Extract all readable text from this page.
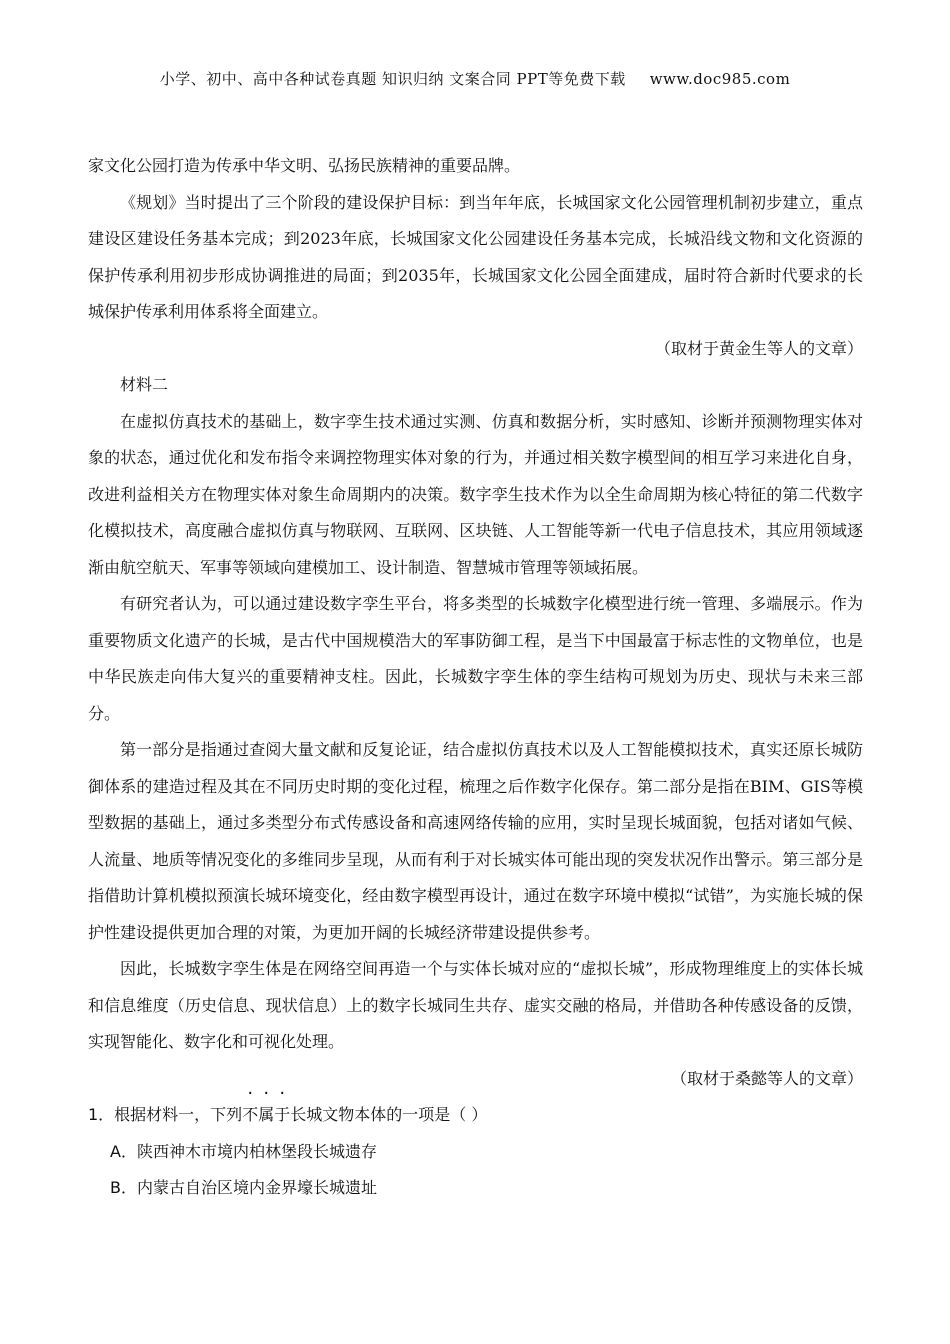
小学、初中、高中各种试卷真题 知识归纳 文案合同 PPT等免费下载 www.doc985.com

家文化公园打造为传承中华文明、弘扬民族精神的重要品牌。

《规划》当时提出了三个阶段的建设保护目标：到当年年底，长城国家文化公园管理机制初步建立，重点建设区建设任务基本完成；到2023年底，长城国家文化公园建设任务基本完成，长城沿线文物和文化资源的保护传承利用初步形成协调推进的局面；到2035年，长城国家文化公园全面建成，届时符合新时代要求的长城保护传承利用体系将全面建立。

（取材于黄金生等人的文章）

材料二

在虚拟仿真技术的基础上，数字孪生技术通过实测、仿真和数据分析，实时感知、诊断并预测物理实体对象的状态，通过优化和发布指令来调控物理实体对象的行为，并通过相关数字模型间的相互学习来进化自身，改进利益相关方在物理实体对象生命周期内的决策。数字孪生技术作为以全生命周期为核心特征的第二代数字化模拟技术，高度融合虚拟仿真与物联网、互联网、区块链、人工智能等新一代电子信息技术，其应用领域逐渐由航空航天、军事等领域向建模加工、设计制造、智慧城市管理等领域拓展。

有研究者认为，可以通过建设数字孪生平台，将多类型的长城数字化模型进行统一管理、多端展示。作为重要物质文化遗产的长城，是古代中国规模浩大的军事防御工程，是当下中国最富于标志性的文物单位，也是中华民族走向伟大复兴的重要精神支柱。因此，长城数字孪生体的孪生结构可规划为历史、现状与未来三部分。

第一部分是指通过查阅大量文献和反复论证，结合虚拟仿真技术以及人工智能模拟技术，真实还原长城防御体系的建造过程及其在不同历史时期的变化过程，梳理之后作数字化保存。第二部分是指在BIM、GIS等模型数据的基础上，通过多类型分布式传感设备和高速网络传输的应用，实时呈现长城面貌，包括对诸如气候、人流量、地质等情况变化的多维同步呈现，从而有利于对长城实体可能出现的突发状况作出警示。第三部分是指借助计算机模拟预演长城环境变化，经由数字模型再设计，通过在数字环境中模拟“试错”，为实施长城的保护性建设提供更加合理的对策，为更加开阔的长城经济带建设提供参考。

因此，长城数字孪生体是在网络空间再造一个与实体长城对应的“虚拟长城”，形成物理维度上的实体长城和信息维度（历史信息、现状信息）上的数字长城同生共存、虚实交融的格局，并借助各种传感设备的反馈，实现智能化、数字化和可视化处理。

（取材于桑懿等人的文章）

1．根据材料一，下列不属于长城文物本体的一项是（ ）

A．陕西神木市境内柏林堡段长城遗存

B．内蒙古自治区境内金界壕长城遗址
